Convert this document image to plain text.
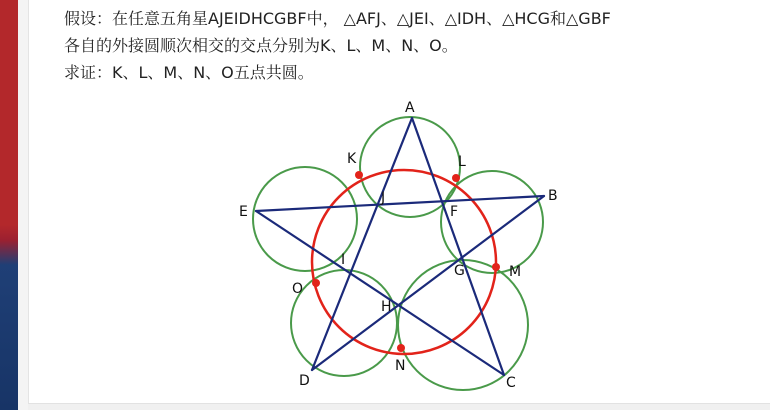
假设：在任意五角星AJEIDHCGBF中， △AFJ、△JEI、△IDH、△HCG和△GBF
各自的外接圆顺次相交的交点分别为K、L、M、N、O。
求证：K、L、M、N、O五点共圆。
A
B
C
D
E	F
G
H
I
J
K	L
M
N
O
